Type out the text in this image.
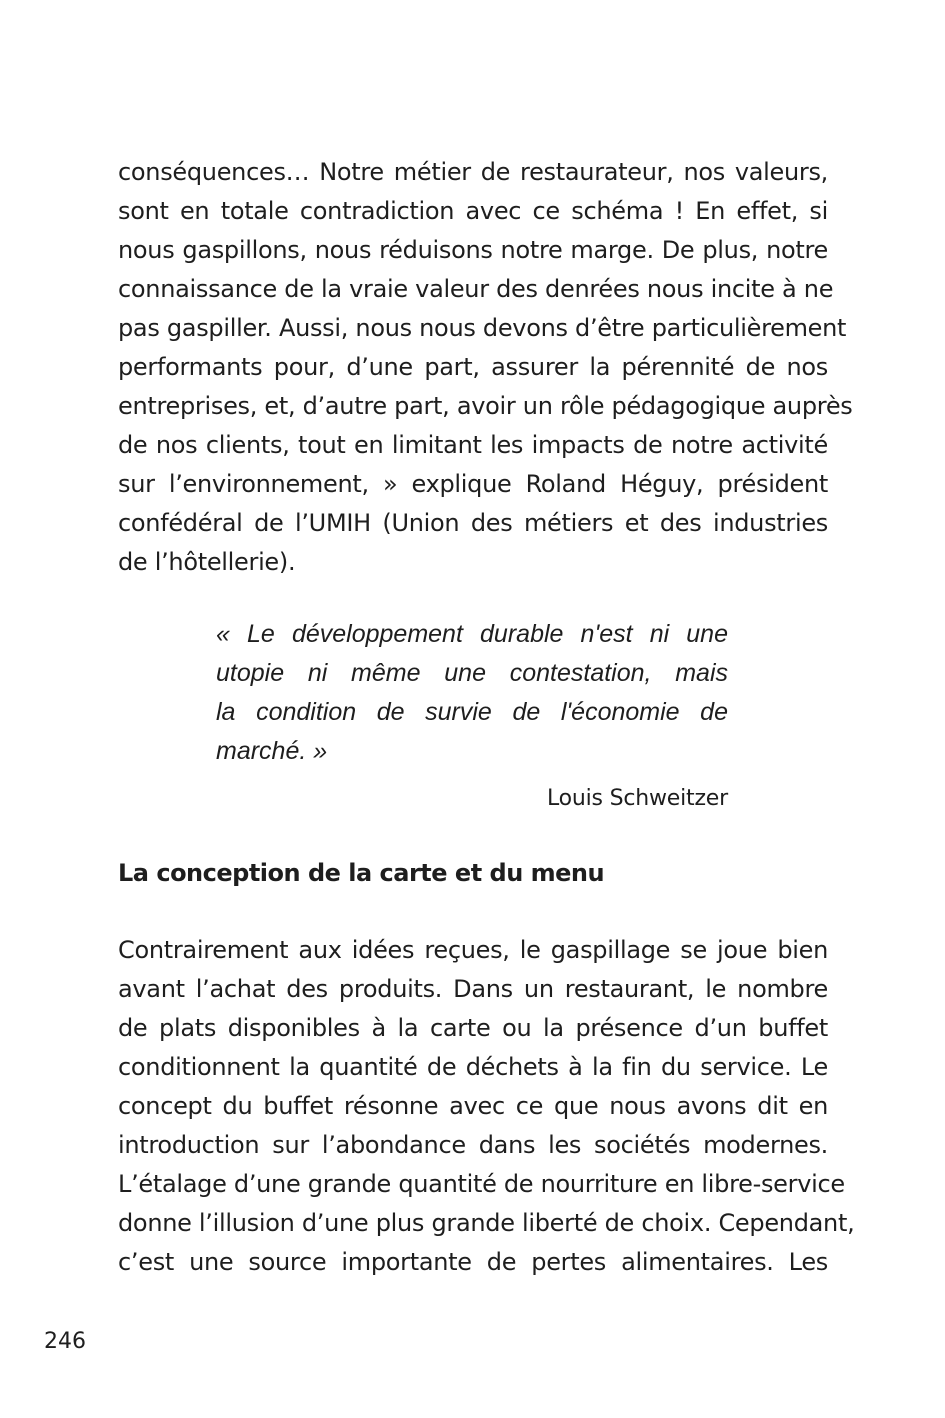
conséquences… Notre métier de restaurateur, nos valeurs,
sont en totale contradiction avec ce schéma ! En effet, si
nous gaspillons, nous réduisons notre marge. De plus, notre
connaissance de la vraie valeur des denrées nous incite à ne
pas gaspiller. Aussi, nous nous devons d’être particulièrement
performants pour, d’une part, assurer la pérennité de nos
entreprises, et, d’autre part, avoir un rôle pédagogique auprès
de nos clients, tout en limitant les impacts de notre activité
sur l’environnement, » explique Roland Héguy, président
confédéral de l’UMIH (Union des métiers et des industries
de l’hôtellerie).
« Le développement durable n'est ni une
utopie ni même une contestation, mais
la condition de survie de l'économie de
marché. »
Louis Schweitzer
La conception de la carte et du menu
Contrairement aux idées reçues, le gaspillage se joue bien
avant l’achat des produits. Dans un restaurant, le nombre
de plats disponibles à la carte ou la présence d’un buffet
conditionnent la quantité de déchets à la fin du service. Le
concept du buffet résonne avec ce que nous avons dit en
introduction sur l’abondance dans les sociétés modernes.
L’étalage d’une grande quantité de nourriture en libre-service
donne l’illusion d’une plus grande liberté de choix. Cependant,
c’est une source importante de pertes alimentaires. Les
246
